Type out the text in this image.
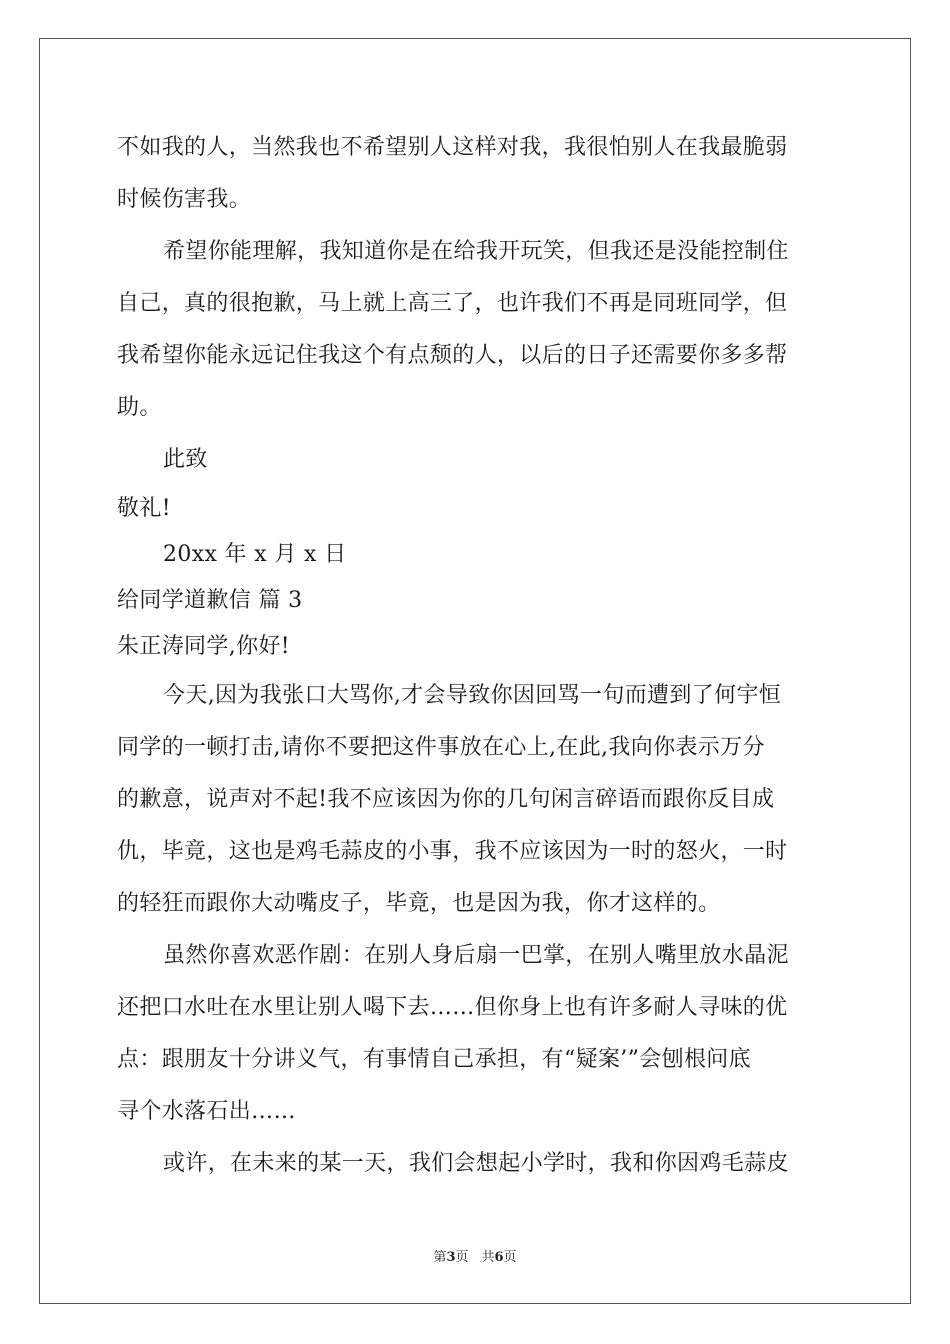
不如我的人，当然我也不希望别人这样对我，我很怕别人在我最脆弱
时候伤害我。
希望你能理解，我知道你是在给我开玩笑，但我还是没能控制住
自己，真的很抱歉，马上就上高三了，也许我们不再是同班同学，但
我希望你能永远记住我这个有点颓的人，以后的日子还需要你多多帮
助。
此致
敬礼!
20xx 年 x 月 x 日
给同学道歉信 篇 3
朱正涛同学,你好!
今天,因为我张口大骂你,才会导致你因回骂一句而遭到了何宇恒
同学的一顿打击,请你不要把这件事放在心上,在此,我向你表示万分
的歉意，说声对不起!我不应该因为你的几句闲言碎语而跟你反目成
仇，毕竟，这也是鸡毛蒜皮的小事，我不应该因为一时的怒火，一时
的轻狂而跟你大动嘴皮子，毕竟，也是因为我，你才这样的。
虽然你喜欢恶作剧：在别人身后扇一巴掌，在别人嘴里放水晶泥
还把口水吐在水里让别人喝下去……但你身上也有许多耐人寻味的优
点：跟朋友十分讲义气，有事情自己承担，有“疑案’”会刨根问底
寻个水落石出……
或许，在未来的某一天，我们会想起小学时，我和你因鸡毛蒜皮
第3页　共6页
